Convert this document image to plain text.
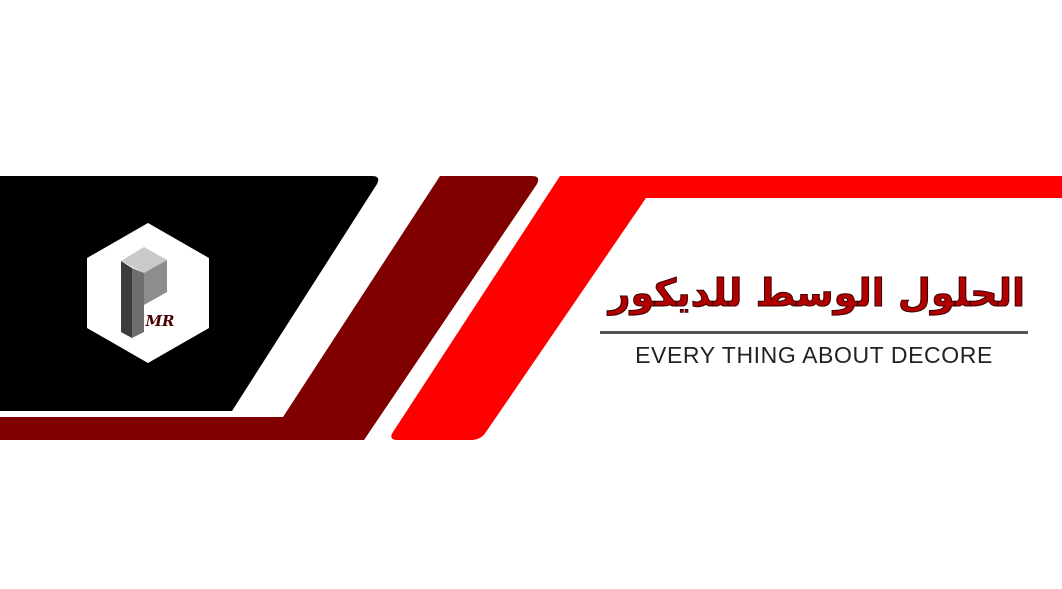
MR
الحلول الوسط للديكور
EVERY THING ABOUT DECORE
